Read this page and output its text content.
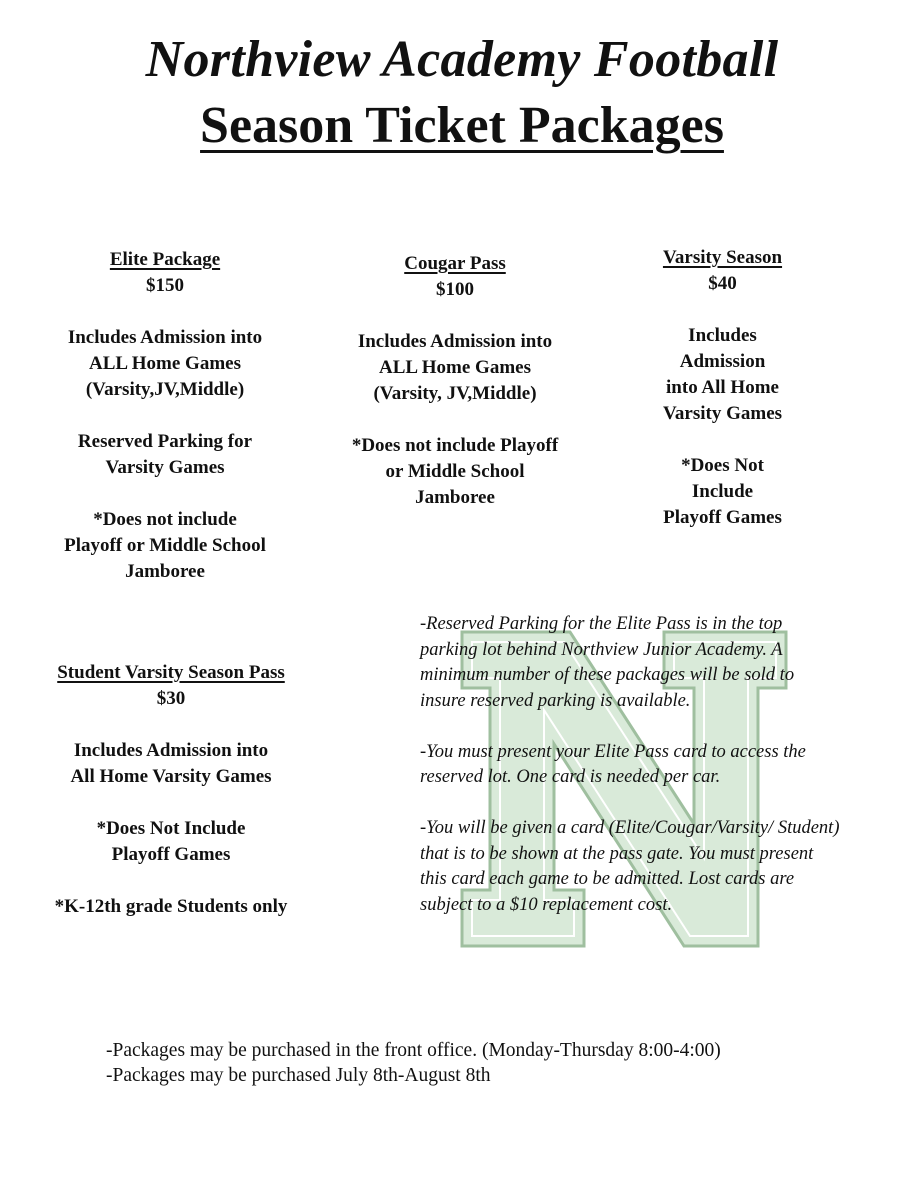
Northview Academy Football
Season Ticket Packages
Elite Package
$150
Includes Admission into
ALL Home Games
(Varsity,JV,Middle)
Reserved Parking for
Varsity Games
*Does not include
Playoff or Middle School
Jamboree
Cougar Pass
$100
Includes Admission into
ALL Home Games
(Varsity, JV,Middle)
*Does not include Playoff
or Middle School
Jamboree
Varsity Season
$40
Includes
Admission
into All Home
Varsity Games
*Does Not
Include
Playoff Games
Student Varsity Season Pass
$30
Includes Admission into
All Home Varsity Games
*Does Not Include
Playoff Games
*K-12th grade Students only

-Reserved Parking for the Elite Pass is in the top parking lot behind Northview Junior Academy. A minimum number of these packages will be sold to insure reserved parking is available.

-You must present your Elite Pass card to access the reserved lot. One card is needed per car.

-You will be given a card (Elite/Cougar/Varsity/ Student) that is to be shown at the pass gate. You must present this card each game to be admitted. Lost cards are subject to a $10 replacement cost.

-Packages may be purchased in the front office. (Monday-Thursday 8:00-4:00)
-Packages may be purchased July 8th-August 8th
